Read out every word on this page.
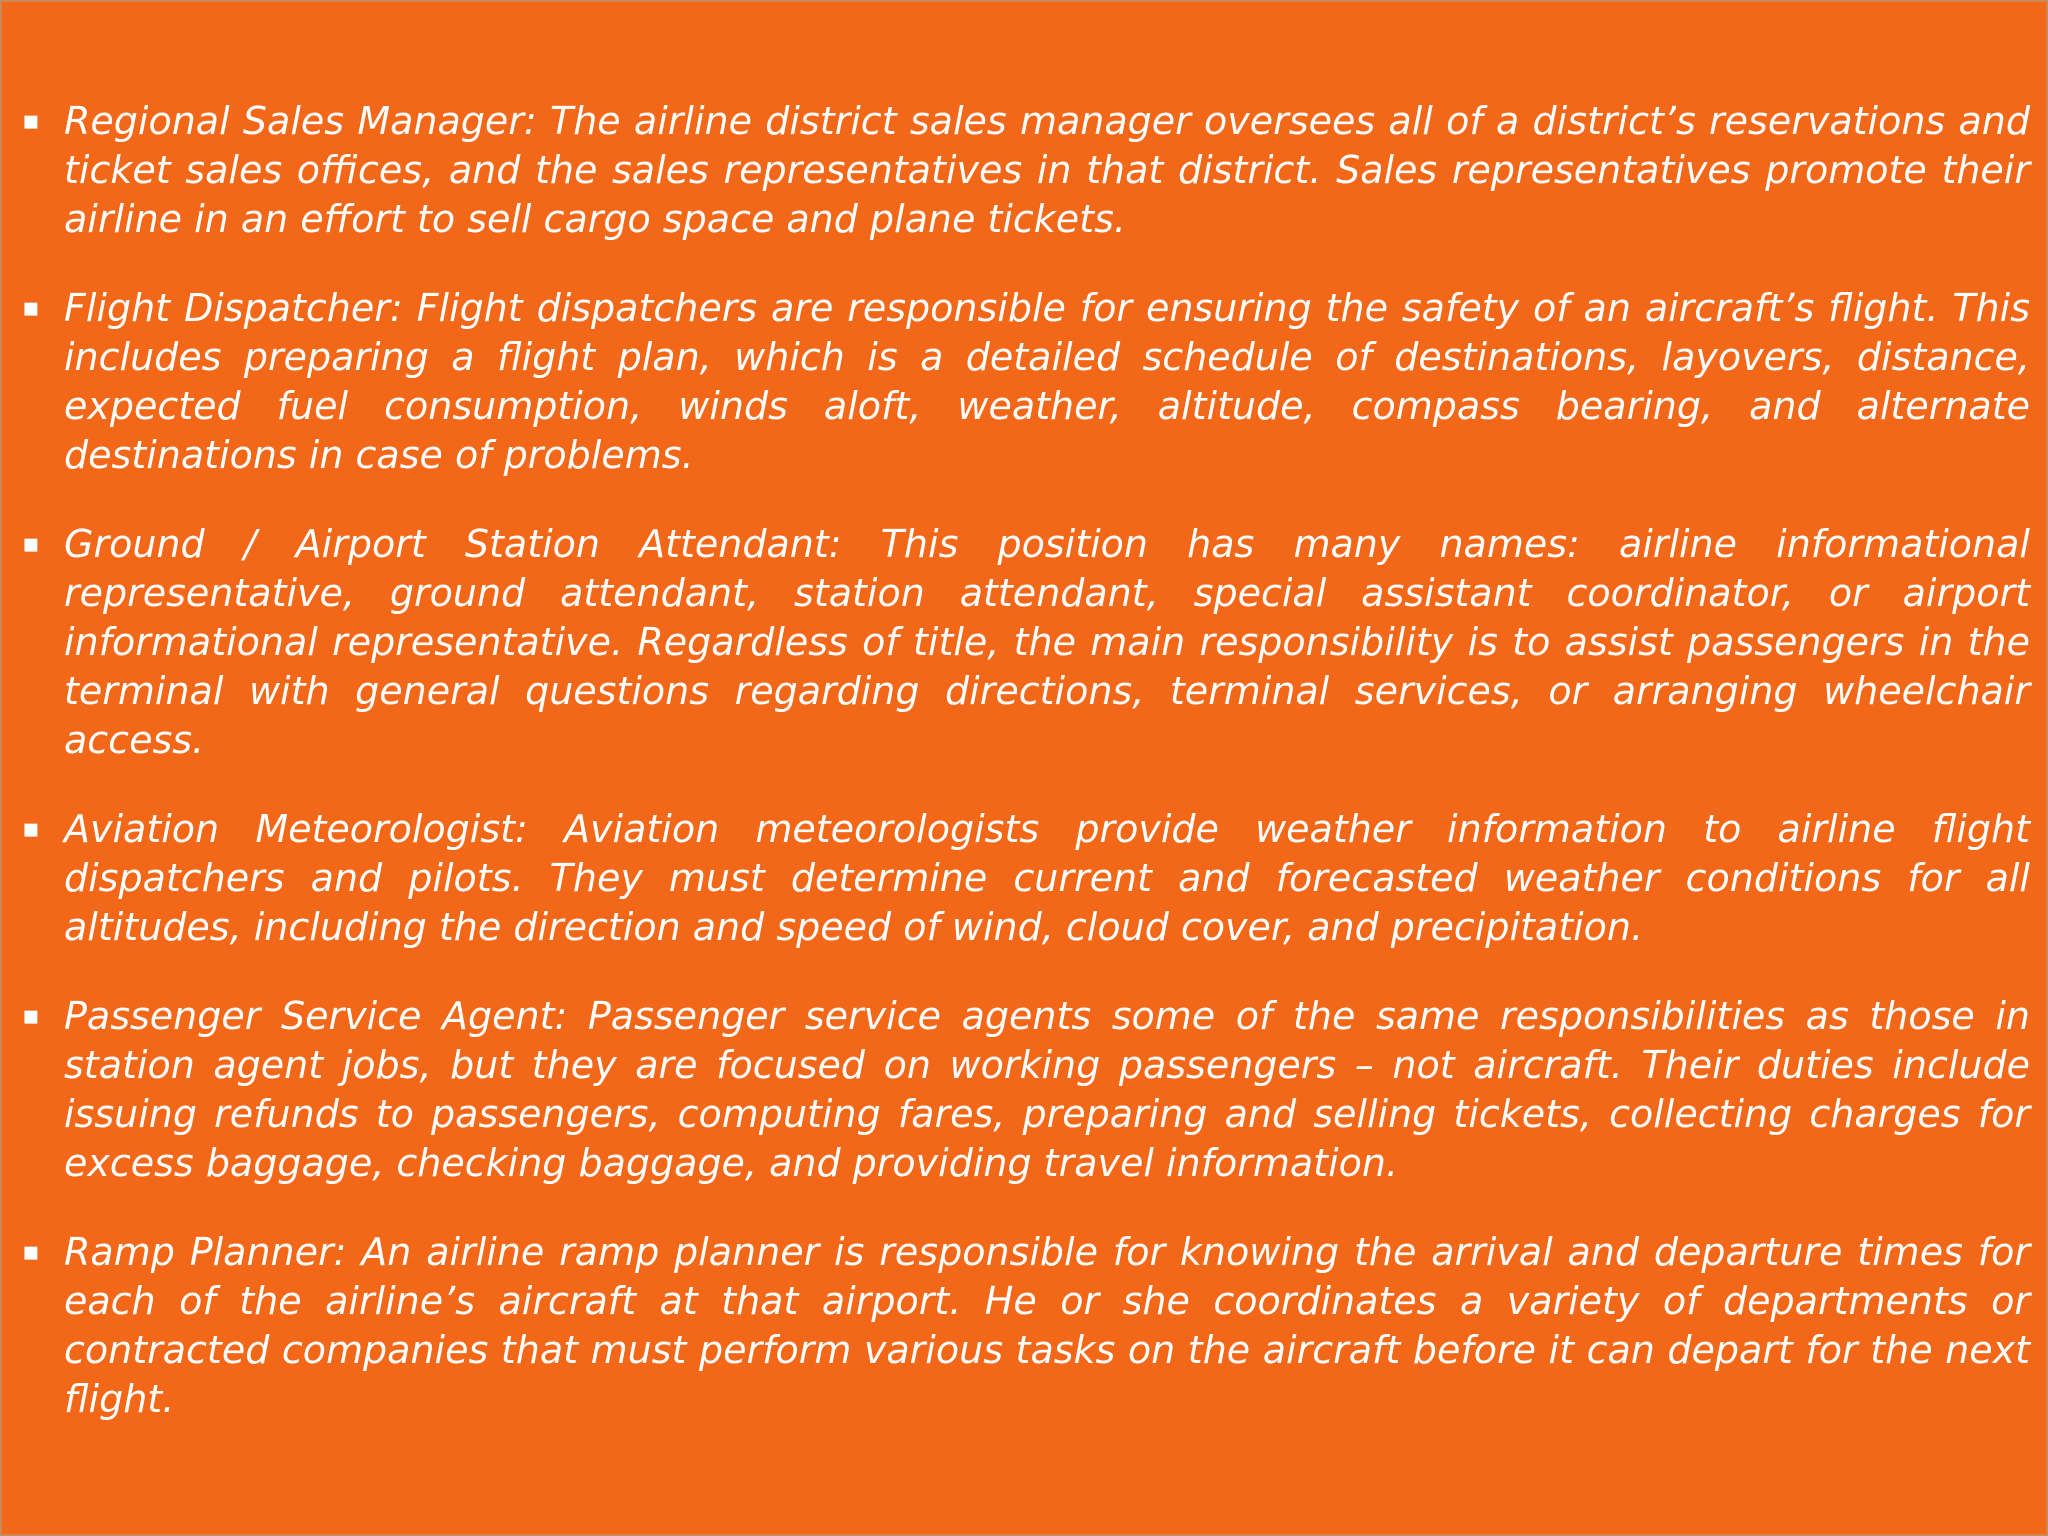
▪ Regional Sales Manager: The airline district sales manager oversees all of a district’s reservations and ticket sales offices, and the sales representatives in that district. Sales representatives promote their airline in an effort to sell cargo space and plane tickets.
▪ Flight Dispatcher: Flight dispatchers are responsible for ensuring the safety of an aircraft’s flight. This includes preparing a flight plan, which is a detailed schedule of destinations, layovers, distance, expected fuel consumption, winds aloft, weather, altitude, compass bearing, and alternate destinations in case of problems.
▪ Ground / Airport Station Attendant: This position has many names: airline informational representative, ground attendant, station attendant, special assistant coordinator, or airport informational representative. Regardless of title, the main responsibility is to assist passengers in the terminal with general questions regarding directions, terminal services, or arranging wheelchair access.
▪ Aviation Meteorologist: Aviation meteorologists provide weather information to airline flight dispatchers and pilots. They must determine current and forecasted weather conditions for all altitudes, including the direction and speed of wind, cloud cover, and precipitation.
▪ Passenger Service Agent: Passenger service agents some of the same responsibilities as those in station agent jobs, but they are focused on working passengers – not aircraft. Their duties include issuing refunds to passengers, computing fares, preparing and selling tickets, collecting charges for excess baggage, checking baggage, and providing travel information.
▪ Ramp Planner: An airline ramp planner is responsible for knowing the arrival and departure times for each of the airline’s aircraft at that airport. He or she coordinates a variety of departments or contracted companies that must perform various tasks on the aircraft before it can depart for the next flight.
